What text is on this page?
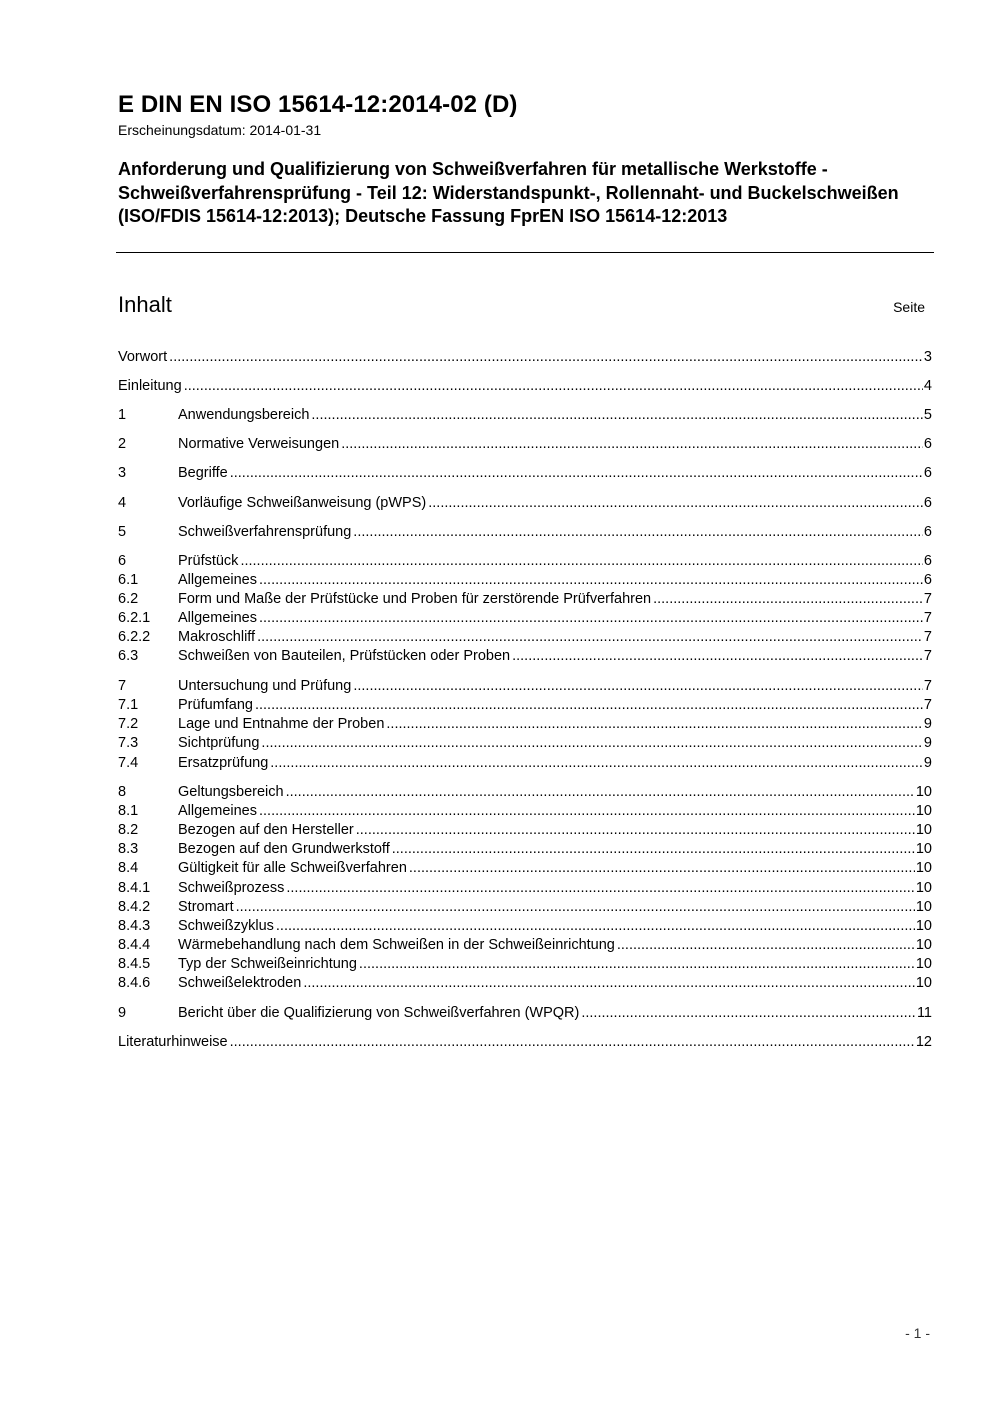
E DIN EN ISO 15614-12:2014-02 (D)
Erscheinungsdatum: 2014-01-31
Anforderung und Qualifizierung von Schweißverfahren für metallische Werkstoffe - Schweißverfahrensprüfung - Teil 12: Widerstandspunkt-, Rollennaht- und Buckelschweißen (ISO/FDIS 15614-12:2013); Deutsche Fassung FprEN ISO 15614-12:2013
Inhalt	Seite
Vorwort .....	3
Einleitung .....	4
1	Anwendungsbereich .....	5
2	Normative Verweisungen .....	6
3	Begriffe .....	6
4	Vorläufige Schweißanweisung (pWPS) .....	6
5	Schweißverfahrensprüfung .....	6
6	Prüfstück .....	6
6.1	Allgemeines .....	6
6.2	Form und Maße der Prüfstücke und Proben für zerstörende Prüfverfahren .....	7
6.2.1	Allgemeines .....	7
6.2.2	Makroschliff .....	7
6.3	Schweißen von Bauteilen, Prüfstücken oder Proben .....	7
7	Untersuchung und Prüfung .....	7
7.1	Prüfumfang .....	7
7.2	Lage und Entnahme der Proben .....	9
7.3	Sichtprüfung .....	9
7.4	Ersatzprüfung .....	9
8	Geltungsbereich .....	10
8.1	Allgemeines .....	10
8.2	Bezogen auf den Hersteller .....	10
8.3	Bezogen auf den Grundwerkstoff .....	10
8.4	Gültigkeit für alle Schweißverfahren .....	10
8.4.1	Schweißprozess .....	10
8.4.2	Stromart .....	10
8.4.3	Schweißzyklus .....	10
8.4.4	Wärmebehandlung nach dem Schweißen in der Schweißeinrichtung .....	10
8.4.5	Typ der Schweißeinrichtung .....	10
8.4.6	Schweißelektroden .....	10
9	Bericht über die Qualifizierung von Schweißverfahren (WPQR) .....	11
Literaturhinweise .....	12
- 1 -
